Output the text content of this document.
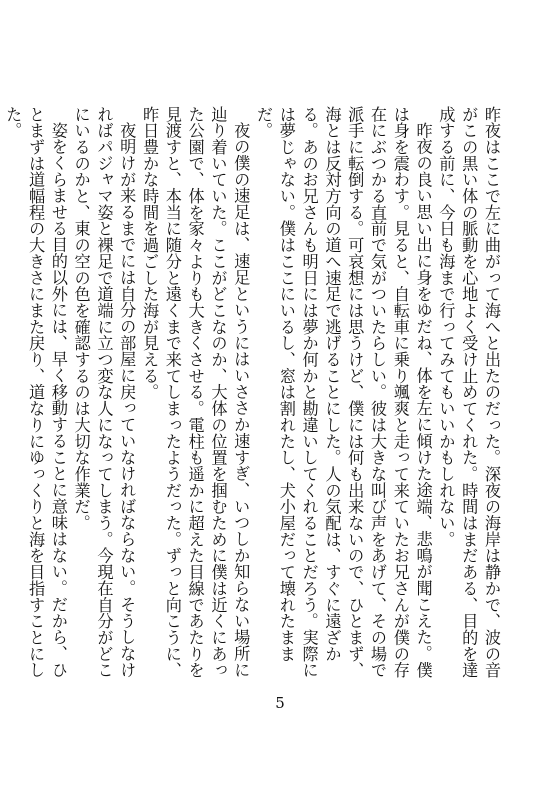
昨夜はここで左に曲がって海へと出たのだった。深夜の海岸は静かで、波の音がこの黒い体の脈動を心地よく受け止めてくれた。時間はまだある、目的を達成する前に、今日も海まで行ってみてもいいかもしれない。

昨夜の良い思い出に身をゆだね、体を左に傾けた途端、悲鳴が聞こえた。僕は身を震わす。見ると、自転車に乗り颯爽と走って来ていたお兄さんが僕の存在にぶつかる直前で気がついたらしい。彼は大きな叫び声をあげて、その場で派手に転倒する。可哀想には思うけど、僕には何も出来ないので、ひとまず、海とは反対方向の道へ速足で逃げることにした。人の気配は、すぐに遠ざかる。あのお兄さんも明日には夢か何かと勘違いしてくれることだろう。実際には夢じゃない。僕はここにいるし、窓は割れたし、犬小屋だって壊れたままだ。

夜の僕の速足は、速足というにはいささか速すぎ、いつしか知らない場所に辿り着いていた。ここがどこなのか、大体の位置を掴むために僕は近くにあった公園で、体を家々よりも大きくさせる。電柱も遥かに超えた目線であたりを見渡すと、本当に随分と遠くまで来てしまったようだった。ずっと向こうに、昨日豊かな時間を過ごした海が見える。

夜明けが来るまでには自分の部屋に戻っていなければならない。そうしなければパジャマ姿と裸足で道端に立つ変な人になってしまう。今現在自分がどこにいるのかと、東の空の色を確認するのは大切な作業だ。

姿をくらませる目的以外には、早く移動することに意味はない。だから、ひとまずは道幅程の大きさにまた戻り、道なりにゆっくりと海を目指すことにした。

5
